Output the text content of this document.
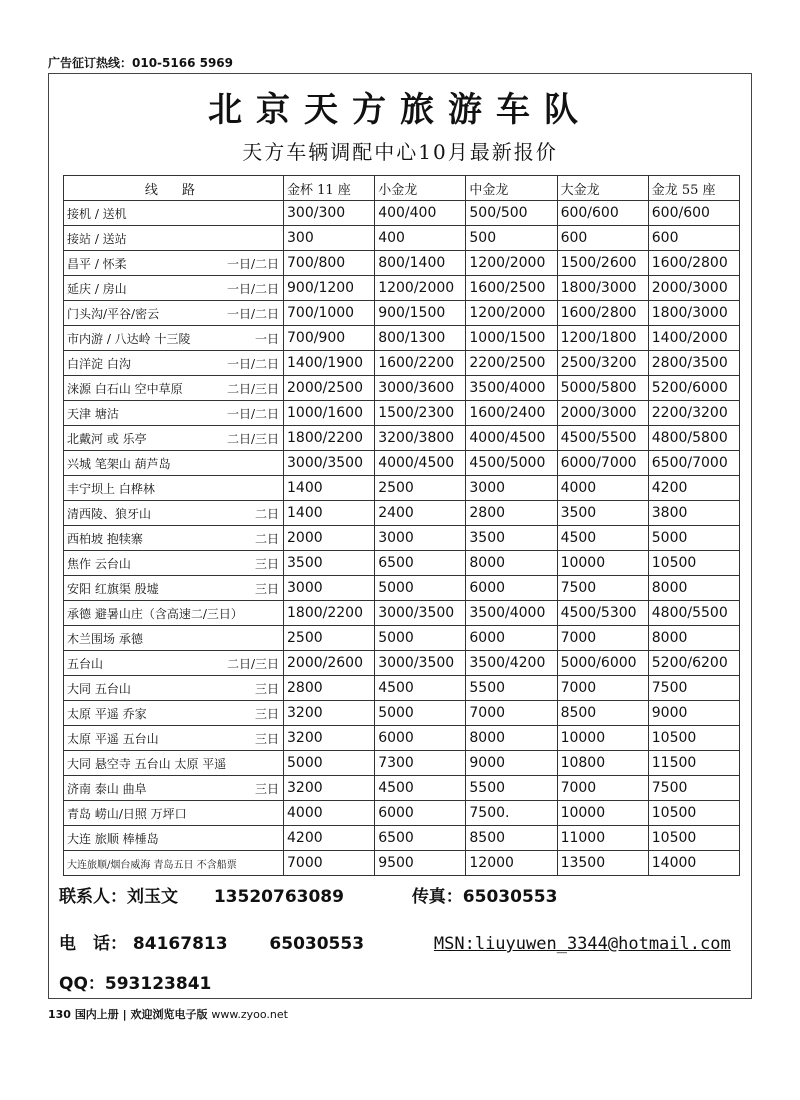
广告征订热线：010-5166 5969
北京天方旅游车队
天方车辆调配中心10月最新报价
线 路	金杯 11 座	小金龙	中金龙	大金龙	金龙 55 座

接机 / 送机	300/300	400/400	500/500	600/600	600/600

接站 / 送站	300	400	500	600	600

昌平 / 怀柔 一日/二日	700/800	800/1400	1200/2000	1500/2600	1600/2800

延庆 / 房山 一日/二日	900/1200	1200/2000	1600/2500	1800/3000	2000/3000

门头沟/平谷/密云 一日/二日	700/1000	900/1500	1200/2000	1600/2800	1800/3000

市内游 / 八达岭 十三陵 一日	700/900	800/1300	1000/1500	1200/1800	1400/2000

白洋淀 白沟 一日/二日	1400/1900	1600/2200	2200/2500	2500/3200	2800/3500

涞源 白石山 空中草原 二日/三日	2000/2500	3000/3600	3500/4000	5000/5800	5200/6000

天津 塘沽 一日/二日	1000/1600	1500/2300	1600/2400	2000/3000	2200/3200

北戴河 或 乐亭 二日/三日	1800/2200	3200/3800	4000/4500	4500/5500	4800/5800

兴城 笔架山 葫芦岛	3000/3500	4000/4500	4500/5000	6000/7000	6500/7000

丰宁坝上 白桦林	1400	2500	3000	4000	4200

清西陵、狼牙山 二日	1400	2400	2800	3500	3800

西柏坡 抱犊寨 二日	2000	3000	3500	4500	5000

焦作 云台山 三日	3500	6500	8000	10000	10500

安阳 红旗渠 殷墟 三日	3000	5000	6000	7500	8000

承德 避暑山庄（含高速二/三日）	1800/2200	3000/3500	3500/4000	4500/5300	4800/5500

木兰围场 承德	2500	5000	6000	7000	8000

五台山 二日/三日	2000/2600	3000/3500	3500/4200	5000/6000	5200/6200

大同 五台山 三日	2800	4500	5500	7000	7500

太原 平遥 乔家 三日	3200	5000	7000	8500	9000

太原 平遥 五台山 三日	3200	6000	8000	10000	10500

大同 悬空寺 五台山 太原 平遥	5000	7300	9000	10800	11500

济南 泰山 曲阜 三日	3200	4500	5500	7000	7500

青岛 崂山/日照 万坪口	4000	6000	7500.	10000	10500

大连 旅顺 棒棰岛	4200	6500	8500	11000	10500

大连旅顺/烟台威海 青岛五日 不含船票	7000	9500	12000	13500	14000
联系人：刘玉文 13520763089	传真：65030553
电　话： 84167813 65030553	MSN:liuyuwen_3344@hotmail.com
QQ：593123841
130 国内上册 | 欢迎浏览电子版 www.zyoo.net
